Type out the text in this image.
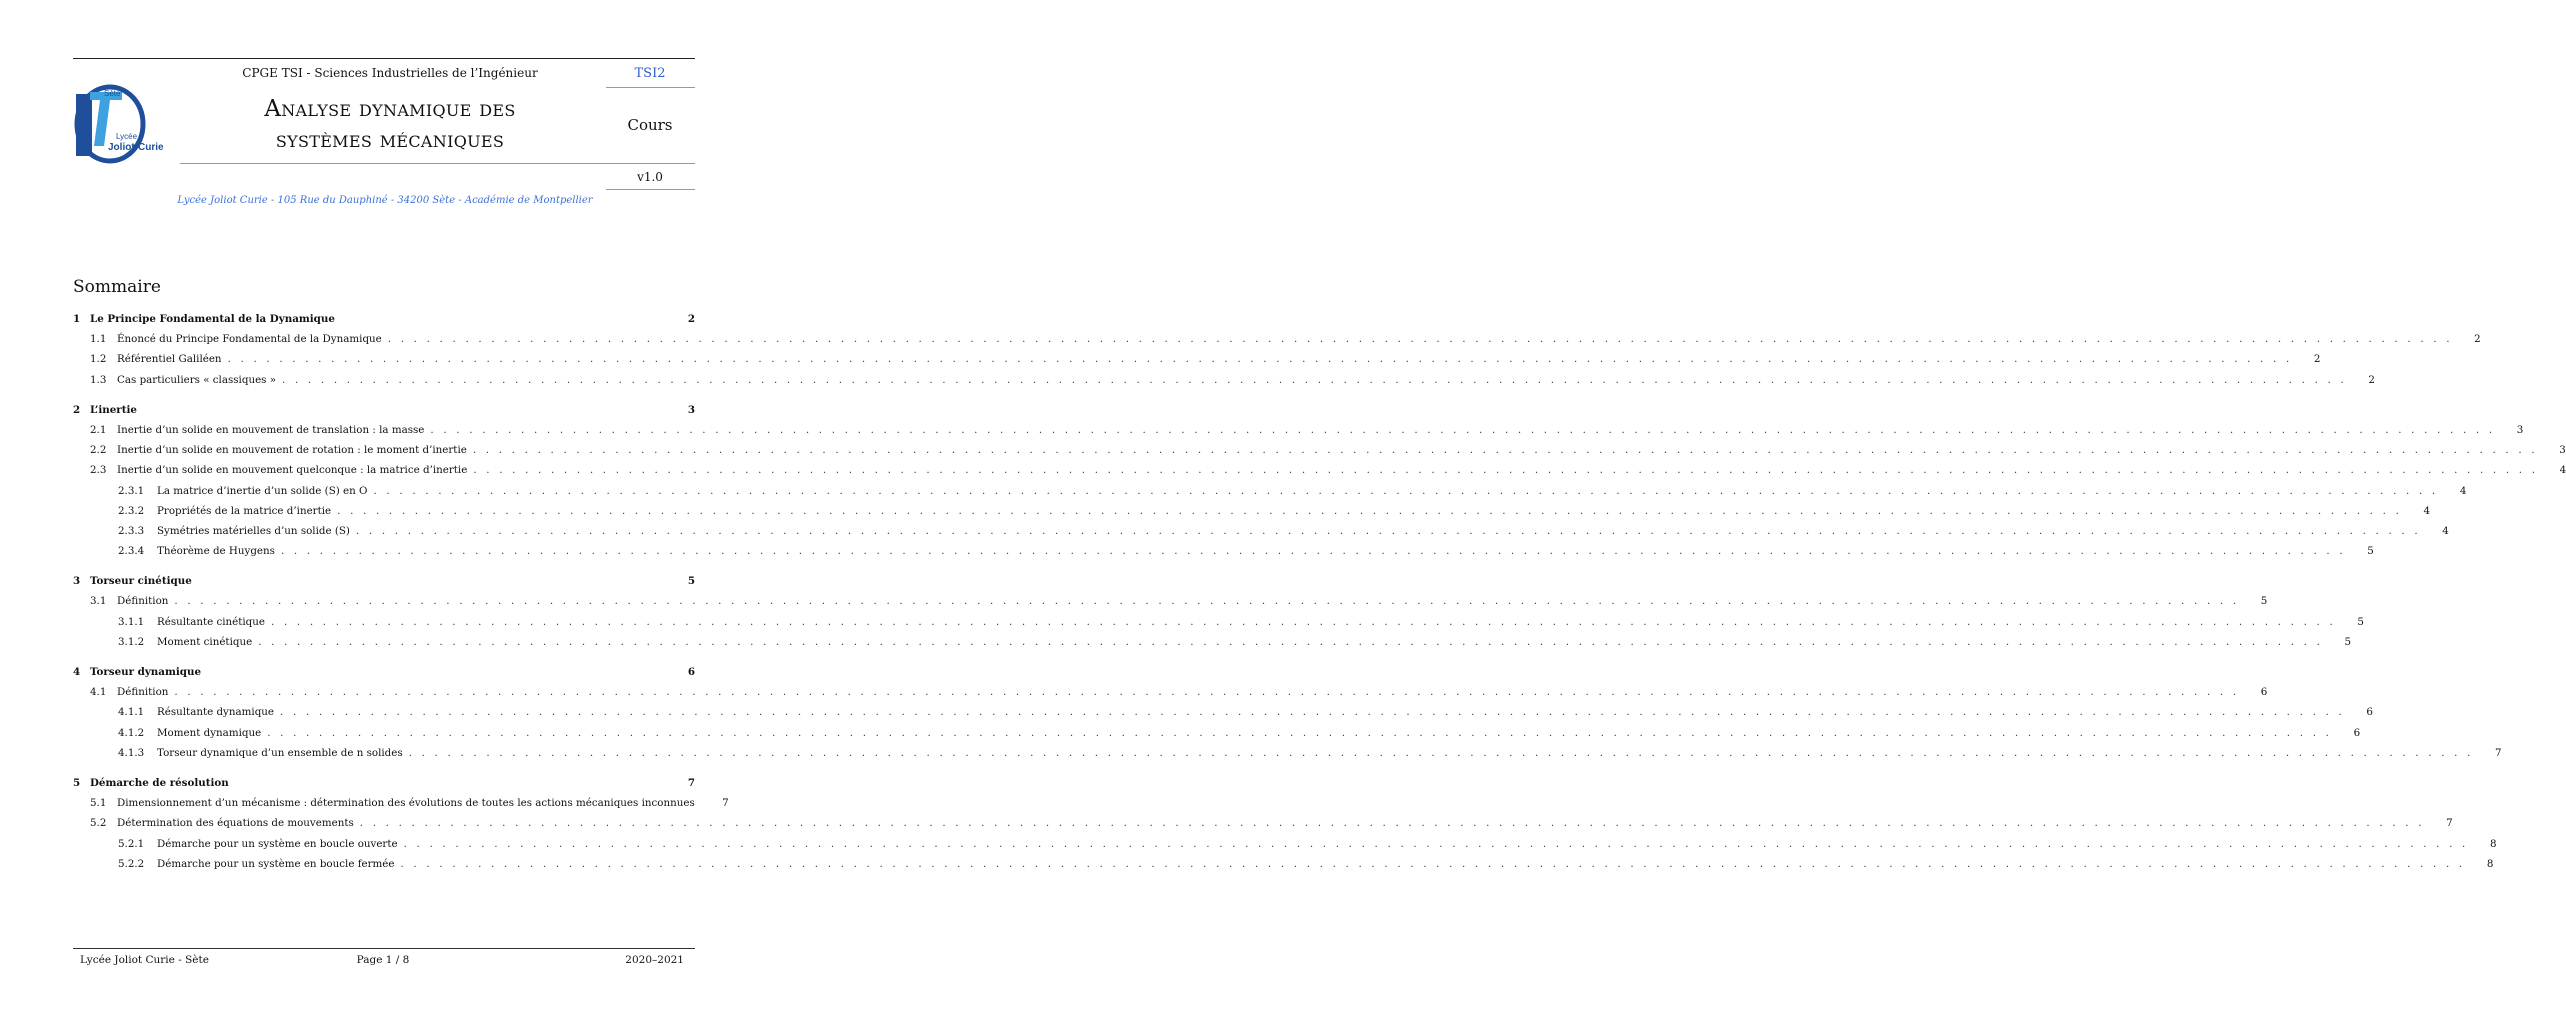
Sète
Lycée
Joliot-Curie
CPGE TSI - Sciences Industrielles de l’Ingénieur	TSI2
Analyse dynamique des
systèmes mécaniques
Cours
v1.0
Lycée Joliot Curie - 105 Rue du Dauphiné - 34200 Sète - Académie de Montpellier
Sommaire
1 Le Principe Fondamental de la Dynamique	2
1.1	Énoncé du Principe Fondamental de la Dynamique . . . . . . . . . . . . . . . . . . . . . . . . . . . . . . . . . . . . . . . . . . . . . . . . . . . . . . . . . . . . . . . . . . . . . . . . . . . . . . . . . . . . . . . . . . . . . . . . . . . . . . . . . . . . . . . . . . . . . . . . . . . . . . . . . . . . . . . . . . . . . . . . . . . . . . . . . . . . . . . .	2
1.2	Référentiel Galiléen . . . . . . . . . . . . . . . . . . . . . . . . . . . . . . . . . . . . . . . . . . . . . . . . . . . . . . . . . . . . . . . . . . . . . . . . . . . . . . . . . . . . . . . . . . . . . . . . . . . . . . . . . . . . . . . . . . . . . . . . . . . . . . . . . . . . . . . . . . . . . . . . . . . . . . . . . . . . . . . .	2
1.3	Cas particuliers « classiques » . . . . . . . . . . . . . . . . . . . . . . . . . . . . . . . . . . . . . . . . . . . . . . . . . . . . . . . . . . . . . . . . . . . . . . . . . . . . . . . . . . . . . . . . . . . . . . . . . . . . . . . . . . . . . . . . . . . . . . . . . . . . . . . . . . . . . . . . . . . . . . . . . . . . . . . . . . . . . . . .	2
2 L’inertie	3
2.1	Inertie d’un solide en mouvement de translation : la masse . . . . . . . . . . . . . . . . . . . . . . . . . . . . . . . . . . . . . . . . . . . . . . . . . . . . . . . . . . . . . . . . . . . . . . . . . . . . . . . . . . . . . . . . . . . . . . . . . . . . . . . . . . . . . . . . . . . . . . . . . . . . . . . . . . . . . . . . . . . . . . . . . . . . . . . . . . . . . . . .	3
2.2	Inertie d’un solide en mouvement de rotation : le moment d’inertie . . . . . . . . . . . . . . . . . . . . . . . . . . . . . . . . . . . . . . . . . . . . . . . . . . . . . . . . . . . . . . . . . . . . . . . . . . . . . . . . . . . . . . . . . . . . . . . . . . . . . . . . . . . . . . . . . . . . . . . . . . . . . . . . . . . . . . . . . . . . . . . . . . . . . . . . . . . . . . . .	3
2.3	Inertie d’un solide en mouvement quelconque : la matrice d’inertie . . . . . . . . . . . . . . . . . . . . . . . . . . . . . . . . . . . . . . . . . . . . . . . . . . . . . . . . . . . . . . . . . . . . . . . . . . . . . . . . . . . . . . . . . . . . . . . . . . . . . . . . . . . . . . . . . . . . . . . . . . . . . . . . . . . . . . . . . . . . . . . . . . . . . . . . . . . . . . . .	4
2.3.1	La matrice d’inertie d’un solide (S) en O . . . . . . . . . . . . . . . . . . . . . . . . . . . . . . . . . . . . . . . . . . . . . . . . . . . . . . . . . . . . . . . . . . . . . . . . . . . . . . . . . . . . . . . . . . . . . . . . . . . . . . . . . . . . . . . . . . . . . . . . . . . . . . . . . . . . . . . . . . . . . . . . . . . . . . . . . . . . . . . .	4
2.3.2	Propriétés de la matrice d’inertie . . . . . . . . . . . . . . . . . . . . . . . . . . . . . . . . . . . . . . . . . . . . . . . . . . . . . . . . . . . . . . . . . . . . . . . . . . . . . . . . . . . . . . . . . . . . . . . . . . . . . . . . . . . . . . . . . . . . . . . . . . . . . . . . . . . . . . . . . . . . . . . . . . . . . . . . . . . . . . . .	4
2.3.3	Symétries matérielles d’un solide (S) . . . . . . . . . . . . . . . . . . . . . . . . . . . . . . . . . . . . . . . . . . . . . . . . . . . . . . . . . . . . . . . . . . . . . . . . . . . . . . . . . . . . . . . . . . . . . . . . . . . . . . . . . . . . . . . . . . . . . . . . . . . . . . . . . . . . . . . . . . . . . . . . . . . . . . . . . . . . . . . .	4
2.3.4	Théorème de Huygens . . . . . . . . . . . . . . . . . . . . . . . . . . . . . . . . . . . . . . . . . . . . . . . . . . . . . . . . . . . . . . . . . . . . . . . . . . . . . . . . . . . . . . . . . . . . . . . . . . . . . . . . . . . . . . . . . . . . . . . . . . . . . . . . . . . . . . . . . . . . . . . . . . . . . . . . . . . . . . . .	5
3 Torseur cinétique	5
3.1	Définition . . . . . . . . . . . . . . . . . . . . . . . . . . . . . . . . . . . . . . . . . . . . . . . . . . . . . . . . . . . . . . . . . . . . . . . . . . . . . . . . . . . . . . . . . . . . . . . . . . . . . . . . . . . . . . . . . . . . . . . . . . . . . . . . . . . . . . . . . . . . . . . . . . . . . . . . . . . . . . . .	5
3.1.1	Résultante cinétique . . . . . . . . . . . . . . . . . . . . . . . . . . . . . . . . . . . . . . . . . . . . . . . . . . . . . . . . . . . . . . . . . . . . . . . . . . . . . . . . . . . . . . . . . . . . . . . . . . . . . . . . . . . . . . . . . . . . . . . . . . . . . . . . . . . . . . . . . . . . . . . . . . . . . . . . . . . . . . . .	5
3.1.2	Moment cinétique . . . . . . . . . . . . . . . . . . . . . . . . . . . . . . . . . . . . . . . . . . . . . . . . . . . . . . . . . . . . . . . . . . . . . . . . . . . . . . . . . . . . . . . . . . . . . . . . . . . . . . . . . . . . . . . . . . . . . . . . . . . . . . . . . . . . . . . . . . . . . . . . . . . . . . . . . . . . . . . .	5
4 Torseur dynamique	6
4.1	Définition . . . . . . . . . . . . . . . . . . . . . . . . . . . . . . . . . . . . . . . . . . . . . . . . . . . . . . . . . . . . . . . . . . . . . . . . . . . . . . . . . . . . . . . . . . . . . . . . . . . . . . . . . . . . . . . . . . . . . . . . . . . . . . . . . . . . . . . . . . . . . . . . . . . . . . . . . . . . . . . .	6
4.1.1	Résultante dynamique . . . . . . . . . . . . . . . . . . . . . . . . . . . . . . . . . . . . . . . . . . . . . . . . . . . . . . . . . . . . . . . . . . . . . . . . . . . . . . . . . . . . . . . . . . . . . . . . . . . . . . . . . . . . . . . . . . . . . . . . . . . . . . . . . . . . . . . . . . . . . . . . . . . . . . . . . . . . . . . .	6
4.1.2	Moment dynamique . . . . . . . . . . . . . . . . . . . . . . . . . . . . . . . . . . . . . . . . . . . . . . . . . . . . . . . . . . . . . . . . . . . . . . . . . . . . . . . . . . . . . . . . . . . . . . . . . . . . . . . . . . . . . . . . . . . . . . . . . . . . . . . . . . . . . . . . . . . . . . . . . . . . . . . . . . . . . . . .	6
4.1.3	Torseur dynamique d’un ensemble de n solides . . . . . . . . . . . . . . . . . . . . . . . . . . . . . . . . . . . . . . . . . . . . . . . . . . . . . . . . . . . . . . . . . . . . . . . . . . . . . . . . . . . . . . . . . . . . . . . . . . . . . . . . . . . . . . . . . . . . . . . . . . . . . . . . . . . . . . . . . . . . . . . . . . . . . . . . . . . . . . . .	7
5 Démarche de résolution	7
5.1	Dimensionnement d’un mécanisme : détermination des évolutions de toutes les actions mécaniques inconnues	7
5.2	Détermination des équations de mouvements . . . . . . . . . . . . . . . . . . . . . . . . . . . . . . . . . . . . . . . . . . . . . . . . . . . . . . . . . . . . . . . . . . . . . . . . . . . . . . . . . . . . . . . . . . . . . . . . . . . . . . . . . . . . . . . . . . . . . . . . . . . . . . . . . . . . . . . . . . . . . . . . . . . . . . . . . . . . . . . .	7
5.2.1	Démarche pour un système en boucle ouverte . . . . . . . . . . . . . . . . . . . . . . . . . . . . . . . . . . . . . . . . . . . . . . . . . . . . . . . . . . . . . . . . . . . . . . . . . . . . . . . . . . . . . . . . . . . . . . . . . . . . . . . . . . . . . . . . . . . . . . . . . . . . . . . . . . . . . . . . . . . . . . . . . . . . . . . . . . . . . . . .	8
5.2.2	Démarche pour un système en boucle fermée . . . . . . . . . . . . . . . . . . . . . . . . . . . . . . . . . . . . . . . . . . . . . . . . . . . . . . . . . . . . . . . . . . . . . . . . . . . . . . . . . . . . . . . . . . . . . . . . . . . . . . . . . . . . . . . . . . . . . . . . . . . . . . . . . . . . . . . . . . . . . . . . . . . . . . . . . . . . . . . .	8
Lycée Joliot Curie - Sète	Page 1 / 8	2020–2021
